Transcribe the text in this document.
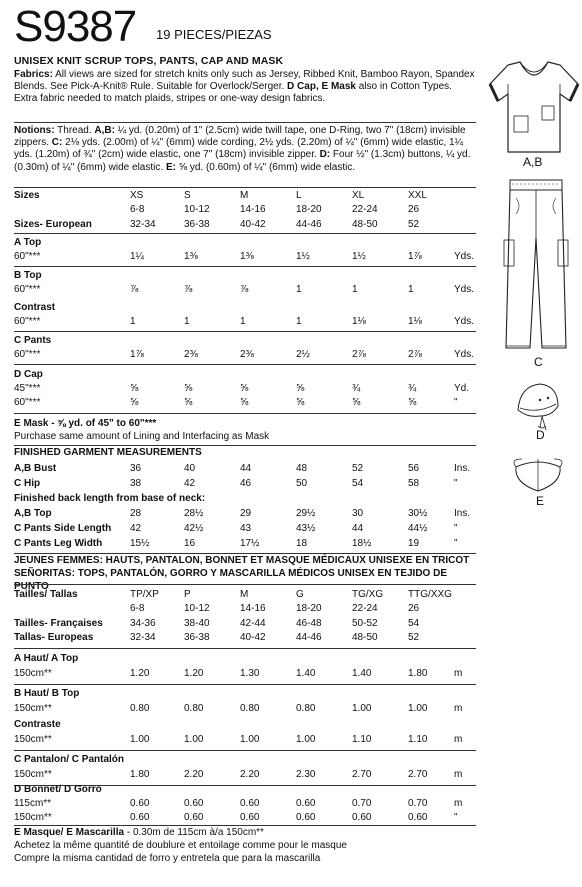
S9387 19 PIECES/PIEZAS
UNISEX KNIT SCRUP TOPS, PANTS, CAP AND MASK
Fabrics: All views are sized for stretch knits only such as Jersey, Ribbed Knit, Bamboo Rayon, Spandex Blends. See Pick-A-Knit® Rule. Suitable for Overlock/Serger. D Cap, E Mask also in Cotton Types. Extra fabric needed to match plaids, stripes or one-way design fabrics.
Notions: Thread. A,B: ¼ yd. (0.20m) of 1" (2.5cm) wide twill tape, one D-Ring, two 7" (18cm) invisible zippers. C: 2⅛ yds. (2.00m) of ¼" (6mm) wide cording, 2½ yds. (2.20m) of ¼" (6mm) wide elastic, 1¼ yds. (1.20m) of ¾" (2cm) wide elastic, one 7" (18cm) invisible zipper. D: Four ½" (1.3cm) buttons, ¼ yd. (0.30m) of ¼" (6mm) wide elastic. E: ⅝ yd. (0.60m) of ¼" (6mm) wide elastic.
Sizes	XS	S	M	L	XL	XXL
6-8	10-12	14-16	18-20	22-24	26
Sizes- European	32-34	36-38	40-42	44-46	48-50	52
A Top
60"***	1¼	1⅜	1⅜	1½	1½	1⅞	Yds.
B Top
60"***	⅞	⅞	⅞	1	1	1	Yds.
Contrast
60"***	1	1	1	1	1⅛	1⅛	Yds.
C Pants
60"***	1⅞	2⅜	2⅜	2½	2⅞	2⅞	Yds.
D Cap
45"***	⅝	⅝	⅝	⅝	¾	¾	Yd.
60"***	⅝	⅝	⅝	⅝	⅝	⅝	"
E Mask - ⅝ yd. of 45" to 60"***
Purchase same amount of Lining and Interfacing as Mask
FINISHED GARMENT MEASUREMENTS
A,B Bust	36	40	44	48	52	56	Ins.
C Hip	38	42	46	50	54	58	"
Finished back length from base of neck:
A,B Top	28	28½	29	29½	30	30½	Ins.
C Pants Side Length 42	42½	43	43½	44	44½	"
C Pants Leg Width	15½	16	17½	18	18½	19	"
JEUNES FEMMES: HAUTS, PANTALON, BONNET ET MASQUE MÉDICAUX UNISEXE EN TRICOT
SEÑORITAS: TOPS, PANTALÓN, GORRO Y MASCARILLA MÉDICOS UNISEX EN TEJIDO DE PUNTO
Tailles/ Tallas	TP/XP	P	M	G	TG/XG TTG/XXG
6-8	10-12	14-16	18-20	22-24	26
Tailles- Françaises	34-36	38-40	42-44	46-48	50-52	54
Tallas- Europeas	32-34	36-38	40-42	44-46	48-50	52
A Haut/ A Top
150cm**	1.20	1.20	1.30	1.40	1.40	1.80	m
B Haut/ B Top
150cm**	0.80	0.80	0.80	0.80	1.00	1.00	m
Contraste
150cm**	1.00	1.00	1.00	1.00	1.10	1.10	m
C Pantalon/ C Pantalón
150cm**	1.80	2.20	2.20	2.30	2.70	2.70	m
D Bonnet/ D Gorro
115cm**	0.60	0.60	0.60	0.60	0.70	0.70	m
150cm**	0.60	0.60	0.60	0.60	0.60	0.60	"
E Masque/ E Mascarilla - 0.30m de 115cm à/a 150cm**
Achetez la même quantité de doublure et entoilage comme pour le masque
Compre la misma cantidad de forro y entretela que para la mascarilla
A,B
C
D
E
